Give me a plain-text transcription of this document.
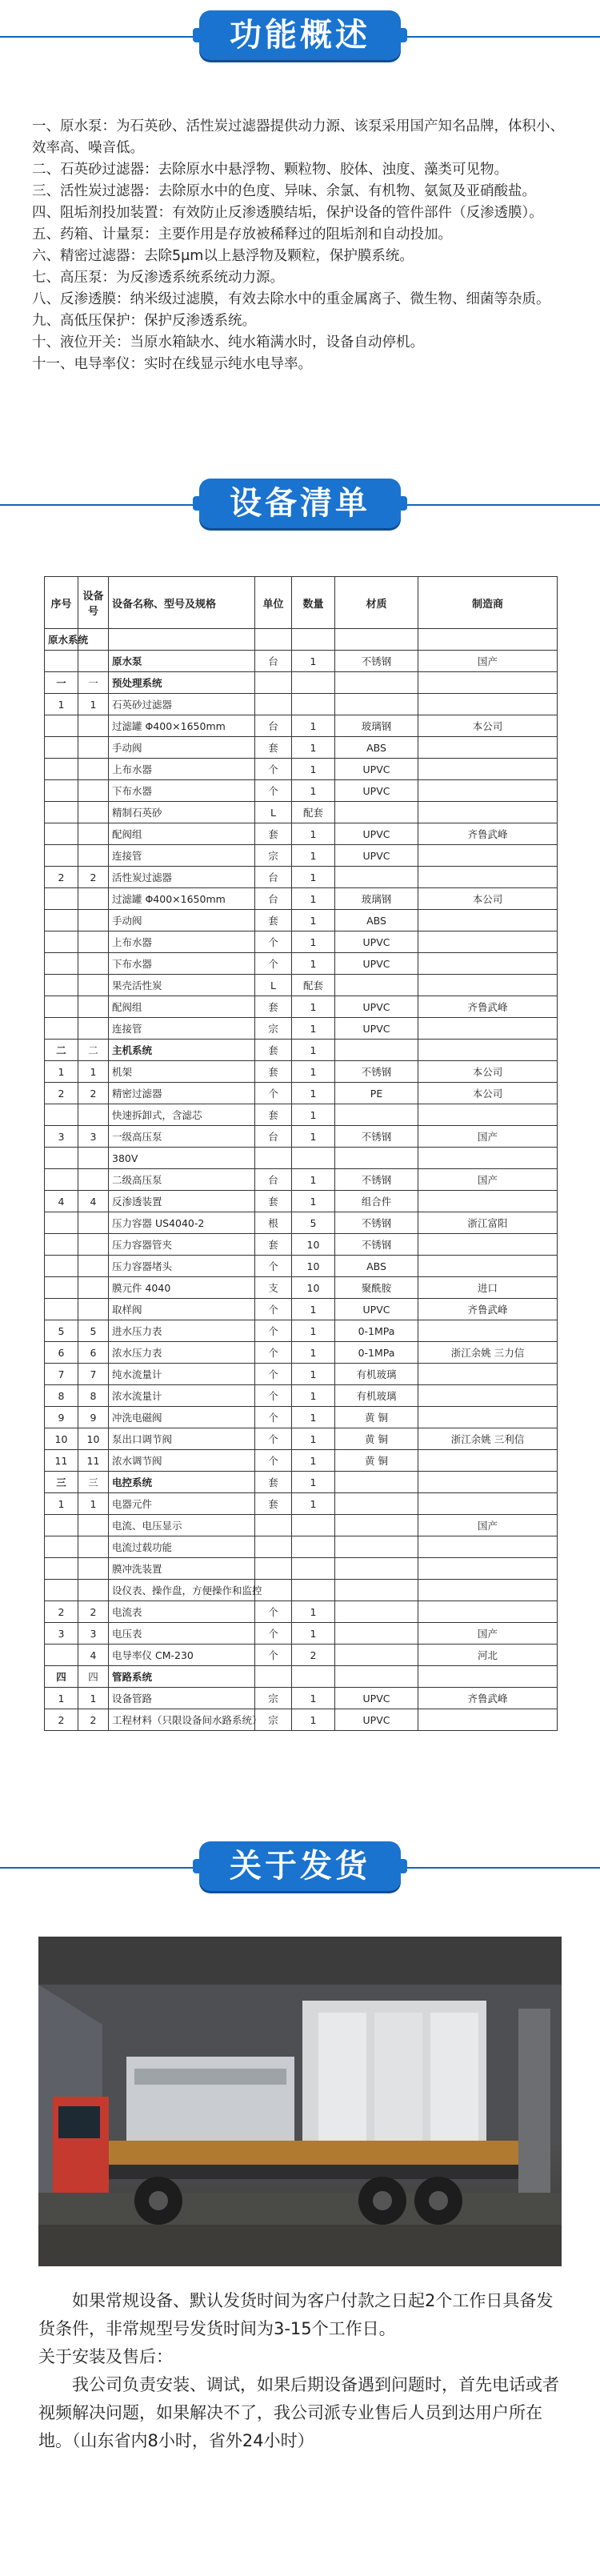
功能概述

一、原水泵：为石英砂、活性炭过滤器提供动力源、该泵采用国产知名品牌，体积小、效率高、噪音低。

二、石英砂过滤器：去除原水中悬浮物、颗粒物、胶体、浊度、藻类可见物。

三、活性炭过滤器：去除原水中的色度、异味、余氯、有机物、氨氮及亚硝酸盐。

四、阻垢剂投加装置：有效防止反渗透膜结垢，保护设备的管件部件（反渗透膜）。

五、药箱、计量泵：主要作用是存放被稀释过的阻垢剂和自动投加。

六、精密过滤器：去除5μm以上悬浮物及颗粒，保护膜系统。

七、高压泵：为反渗透系统系统动力源。

八、反渗透膜：纳米级过滤膜，有效去除水中的重金属离子、微生物、细菌等杂质。

九、高低压保护：保护反渗透系统。

十、液位开关：当原水箱缺水、纯水箱满水时，设备自动停机。

十一、电导率仪：实时在线显示纯水电导率。

设备清单
序号	设备号	设备名称、型号及规格	单位	数量	材质	制造商
原水系统						
		原水泵	台	1	不锈钢	国产
一	一	预处理系统				
1	1	石英砂过滤器				
		过滤罐 Φ400×1650mm	台	1	玻璃钢	本公司
		手动阀	套	1	ABS	
		上布水器	个	1	UPVC	
		下布水器	个	1	UPVC	
		精制石英砂	L	配套		
		配阀组	套	1	UPVC	齐鲁武峰
		连接管	宗	1	UPVC	
2	2	活性炭过滤器	台	1		
		过滤罐 Φ400×1650mm	台	1	玻璃钢	本公司
		手动阀	套	1	ABS	
		上布水器	个	1	UPVC	
		下布水器	个	1	UPVC	
		果壳活性炭	L	配套		
		配阀组	套	1	UPVC	齐鲁武峰
		连接管	宗	1	UPVC	
二	二	主机系统	套	1		
1	1	机架	套	1	不锈钢	本公司
2	2	精密过滤器	个	1	PE	本公司
		快速拆卸式，含滤芯	套	1		
3	3	一级高压泵	台	1	不锈钢	国产
		380V				
		二级高压泵	台	1	不锈钢	国产
4	4	反渗透装置	套	1	组合件	
		压力容器 US4040-2	根	5	不锈钢	浙江富阳
		压力容器管夹	套	10	不锈钢	
		压力容器堵头	个	10	ABS	
		膜元件 4040	支	10	聚酰胺	进口
		取样阀	个	1	UPVC	齐鲁武峰
5	5	进水压力表	个	1	0-1MPa	
6	6	浓水压力表	个	1	0-1MPa	浙江余姚 三力信
7	7	纯水流量计	个	1	有机玻璃	
8	8	浓水流量计	个	1	有机玻璃	
9	9	冲洗电磁阀	个	1	黄 铜	
10	10	泵出口调节阀	个	1	黄 铜	浙江余姚 三利信
11	11	浓水调节阀	个	1	黄 铜	
三	三	电控系统	套	1		
1	1	电器元件	套	1		
		电流、电压显示				国产
		电流过载功能				
		膜冲洗装置				
		设仪表、操作盘，方便操作和监控				
2	2	电流表	个	1		
3	3	电压表	个	1		国产
	4	电导率仪 CM-230	个	2		河北
四	四	管路系统				
1	1	设备管路	宗	1	UPVC	齐鲁武峰
2	2	工程材料（只限设备间水路系统）	宗	1	UPVC	
关于发货

如果常规设备、默认发货时间为客户付款之日起2个工作日具备发货条件，非常规型号发货时间为3-15个工作日。

关于安装及售后：

我公司负责安装、调试，如果后期设备遇到问题时，首先电话或者视频解决问题，如果解决不了，我公司派专业售后人员到达用户所在地。（山东省内8小时，省外24小时）
